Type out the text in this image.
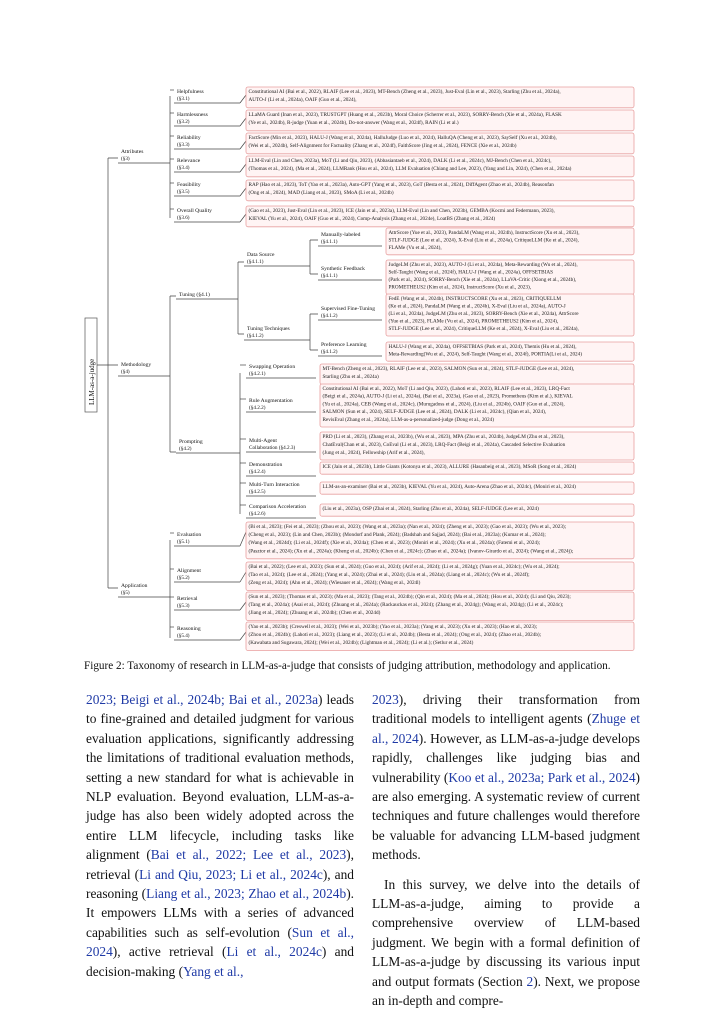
LLM-as-a-judge
Attributes
(§3)
Methodology
(§4)
Application
(§5)
Helpfulness
(§3.1)
Constitutional AI (Bai et al., 2022), RLAIF (Lee et al., 2023), MT-Bench (Zheng et al., 2023), Just-Eval (Lin et al., 2023), Starling (Zhu et al., 2024a),
AUTO-J (Li et al., 2024a), OAIF (Guo et al., 2024),
Harmlessness
(§3.2)
LLaMA Guard (Inan et al., 2023), TRUSTGPT (Huang et al., 2023b), Moral Choice (Scherrer et al., 2023), SORRY-Bench (Xie et al., 2024a), FLASK
(Ye et al., 2024b), R-judge (Yuan et al., 2024b), Do-not-answer (Wang et al., 2024f), RAIN (Li et al.)
Reliability
(§3.3)
FactScore (Min et al., 2023), HALU-J (Wang et al., 2024a), HalluJudge (Luo et al., 2024), HalluQA (Cheng et al., 2023), SaySelf (Xu et al., 2024b),
(Wei et al., 2024b), Self-Alignment for Factuality (Zhang et al., 2024f), FaithScore (Jing et al., 2024), FENCE (Xie et al., 2024b)
Relevance
(§3.4)
LLM-Eval (Lin and Chen, 2023a), MoT (Li and Qiu, 2023), (Abbasiantaeb et al., 2024), DALK (Li et al., 2024c), MJ-Bench (Chen et al., 2024c),
(Thomas et al., 2024), (Ma et al., 2024), LLMRank (Hou et al., 2024), LLM Evaluation (Chiang and Lee, 2023), (Yang and Lin, 2024), (Chen et al., 2024a)
Feasibility
(§3.5)
RAP (Hao et al., 2023), ToT (Yao et al., 2023a), Auto-GPT (Yang et al., 2023), GoT (Besta et al., 2024), DiffAgent (Zhao et al., 2024b), Reasonfan
(Ong et al., 2024), MAD (Liang et al., 2023), SMoA (Li et al., 2024b)
Overall Quality
(§3.6)
(Gao et al., 2023), Just-Eval (Lin et al., 2023), ICE (Jain et al., 2023a), LLM-Eval (Lin and Chen, 2023b), GEMBA (Kocmi and Federmann, 2023),
KIEVAL (Yu et al., 2024), OAIF (Guo et al., 2024), Comp-Analysis (Zhang et al., 2024e), LoatBS (Zhang et al., 2024)
Tuning (§4.1)
Data Source
(§4.1.1)
Tuning Techniques
(§4.1.2)
Manually-labeled
(§4.1.1)
AttrScore (Yue et al., 2023), PandaLM (Wang et al., 2024h), InstructScore (Xu et al., 2023),
STLF-JUDGE (Lee et al., 2024), X-Eval (Liu et al., 2024a), CritiqueLLM (Ke et al., 2024),
FLAMe (Vu et al., 2024),
Synthetic Feedback
(§4.1.1)
JudgeLM (Zhu et al., 2023), AUTO-J (Li et al., 2024a), Meta-Rewarding (Wu et al., 2024),
Self-Taught (Wang et al., 2024f), HALU-J (Wang et al., 2024a), OFFSETBIAS
(Park et al., 2024), SORRY-Bench (Xie et al., 2024a), LLaVA-Critic (Xiong et al., 2024b),
PROMETHEUS2 (Kim et al., 2024), InstructScore (Xu et al., 2023),
Supervised Fine-Tuning
(§4.1.2)
FedE (Wang et al., 2024b), INSTRUCTSCORE (Xu et al., 2023), CRITIQUELLM
(Ke et al., 2024), PandaLM (Wang et al., 2024h), X-Eval (Liu et al., 2024a), AUTO-J
(Li et al., 2024a), JudgeLM (Zhu et al., 2023), SORRY-Bench (Xie et al., 2024a), AttrScore
(Yue et al., 2023), FLAMe (Vu et al., 2024), PROMETHEUS2 (Kim et al., 2024),
STLF-JUDGE (Lee et al., 2024), CritiqueLLM (Ke et al., 2024), X-Eval (Liu et al., 2024a),
Preference Learning
(§4.1.2)
HALU-J (Wang et al., 2024a), OFFSETBIAS (Park et al., 2024), Themis (Hu et al., 2024),
Meta-Rewarding(Wu et al., 2024), Self-Taught (Wang et al., 2024f), PORTIA(Li et al., 2024)
Prompting
(§4.2)
Swapping Operation
(§4.2.1)
MT-Bench (Zheng et al., 2023), RLAIF (Lee et al., 2023), SALMON (Sun et al., 2024), STLF-JUDGE (Lee et al., 2024),
Starling (Zhu et al., 2024a)
Rule Augmentation
(§4.2.2)
Constitutional AI (Bai et al., 2022), MoT (Li and Qiu, 2023), (Lahoti et al., 2023), RLAIF (Lee et al., 2023), LRQ-Fact
(Beigi et al., 2024a), AUTO-J (Li et al., 2024a), (Bai et al., 2023a), (Gao et al., 2023), Prometheus (Kim et al.), KIEVAL
(Yu et al., 2024a), CEB (Wang et al., 2024c), (Murugadoss et al., 2024), (Liu et al., 2024b), OAIF (Guo et al., 2024),
SALMON (Sun et al., 2024), SELF-JUDGE (Lee et al., 2024), DALK (Li et al., 2024c), (Qian et al., 2024),
RevisEval (Zhang et al., 2024a), LLM-as-a-personalized-judge (Dong et al., 2024)
Multi-Agent
Collaboration (§4.2.3)
PRD (Li et al., 2023), (Zhang et al., 2023b), (Wu et al., 2023), MPA (Zhu et al., 2024b), JudgeLM (Zhu et al., 2023),
ChatEval(Chan et al., 2023), CoEval (Li et al., 2023), LRQ-Fact (Beigi et al., 2024a), Cascaded Selective Evaluation
(Jung et al., 2024), Fellowship (Arif et al., 2024),
Demonstration
(§4.2.4)
ICE (Jain et al., 2023b), Little Giants (Kotonya et al., 2023), ALLURE (Hasanbeig et al., 2023), MSoR (Song et al., 2024)
Multi-Turn Interaction
(§4.2.5)
LLM-as-an-examiner (Bai et al., 2023b), KIEVAL (Yu et al., 2024), Auto-Arena (Zhao et al., 2024c), (Moniri et al., 2024)
Comparison Acceleration
(§4.2.6)
(Liu et al., 2023a), OSP (Zhai et al., 2024), Starling (Zhu et al., 2024a), SELF-JUDGE (Lee et al., 2024)
Evaluation
(§5.1)
(Bi et al., 2023); (Fei et al., 2023); (Zhou et al., 2023); (Wang et al., 2023a); (Nan et al., 2024); (Zheng et al., 2023); (Gao et al., 2023); (Wu et al., 2023);
(Cheng et al., 2023); (Lin and Chen, 2023b); (Mondorf and Plank, 2024); (Badshah and Sajjad, 2024); (Bai et al., 2023a); (Kumar et al., 2024);
(Wang et al., 2024d); (Li et al., 2024f); (Xie et al., 2024a); (Chen et al., 2023); (Moniri et al., 2024); (Xu et al., 2024a); (Fatemi et al., 2024);
(Pasztor et al., 2024); (Xu et al., 2024a); (Kheng et al., 2024b); (Chen et al., 2024c); (Zhao et al., 2024a); (Ivanov-Girardo et al., 2024); (Wang et al., 2024j);
Alignment
(§5.2)
(Bai et al., 2022); (Lee et al., 2023); (Sun et al., 2024); (Guo et al., 2024); (Arif et al., 2024); (Li et al., 2024g); (Yuan et al., 2024c); (Wu et al., 2024);
(Tao et al., 2024); (Lee et al., 2024); (Yang et al., 2024); (Zhai et al., 2024); (Liu et al., 2024a); (Liang et al., 2024c); (Wu et al., 2024f);
(Zeng et al., 2024); (Ahn et al., 2024); (Wiesauer et al., 2024); (Wang et al., 2024l)
Retrieval
(§5.3)
(Sun et al., 2023); (Thomas et al., 2023); (Ma et al., 2023); (Tang et al., 2024b); (Qin et al., 2024); (Ma et al., 2024); (Hou et al., 2024); (Li and Qiu, 2023);
(Tang et al., 2024a); (Asai et al., 2024); (Zhuang et al., 2024a); (Rackauckas et al., 2024); (Zhang et al., 2024g); (Wang et al., 2024g); (Li et al., 2024c);
(Jiang et al., 2024); (Zhuang et al., 2024b); (Chen et al., 2024d)
Reasoning
(§5.4)
(Yao et al., 2023b); (Creswell et al., 2023); (Wei et al., 2023b); (Yao et al., 2023a); (Yang et al., 2023); (Xu et al., 2023); (Hao et al., 2023);
(Zhou et al., 2024b); (Lahoti et al., 2023); (Liang et al., 2023); (Li et al., 2024b); (Besta et al., 2024); (Ong et al., 2024); (Zhao et al., 2024b);
(Kawabata and Sugawara, 2024); (Wei et al., 2024b); (Lightman et al., 2024); (Li et al.); (Setlur et al., 2024)
Figure 2: Taxonomy of research in LLM-as-a-judge that consists of judging attribution, methodology and application.

2023; Beigi et al., 2024b; Bai et al., 2023a) leads to fine-grained and detailed judgment for various evaluation applications, significantly addressing the limitations of traditional evaluation methods, setting a new standard for what is achievable in NLP evaluation. Beyond evaluation, LLM-as-a-judge has also been widely adopted across the entire LLM lifecycle, including tasks like alignment (Bai et al., 2022; Lee et al., 2023), retrieval (Li and Qiu, 2023; Li et al., 2024c), and reasoning (Liang et al., 2023; Zhao et al., 2024b). It empowers LLMs with a series of advanced capabilities such as self-evolution (Sun et al., 2024), active retrieval (Li et al., 2024c) and decision-making (Yang et al.,

2023), driving their transformation from traditional models to intelligent agents (Zhuge et al., 2024). However, as LLM-as-a-judge develops rapidly, challenges like judging bias and vulnerability (Koo et al., 2023a; Park et al., 2024) are also emerging. A systematic review of current techniques and future challenges would therefore be valuable for advancing LLM-based judgment methods.

In this survey, we delve into the details of LLM-as-a-judge, aiming to provide a comprehensive overview of LLM-based judgment. We begin with a formal definition of LLM-as-a-judge by discussing its various input and output formats (Section 2). Next, we propose an in-depth and compre-
